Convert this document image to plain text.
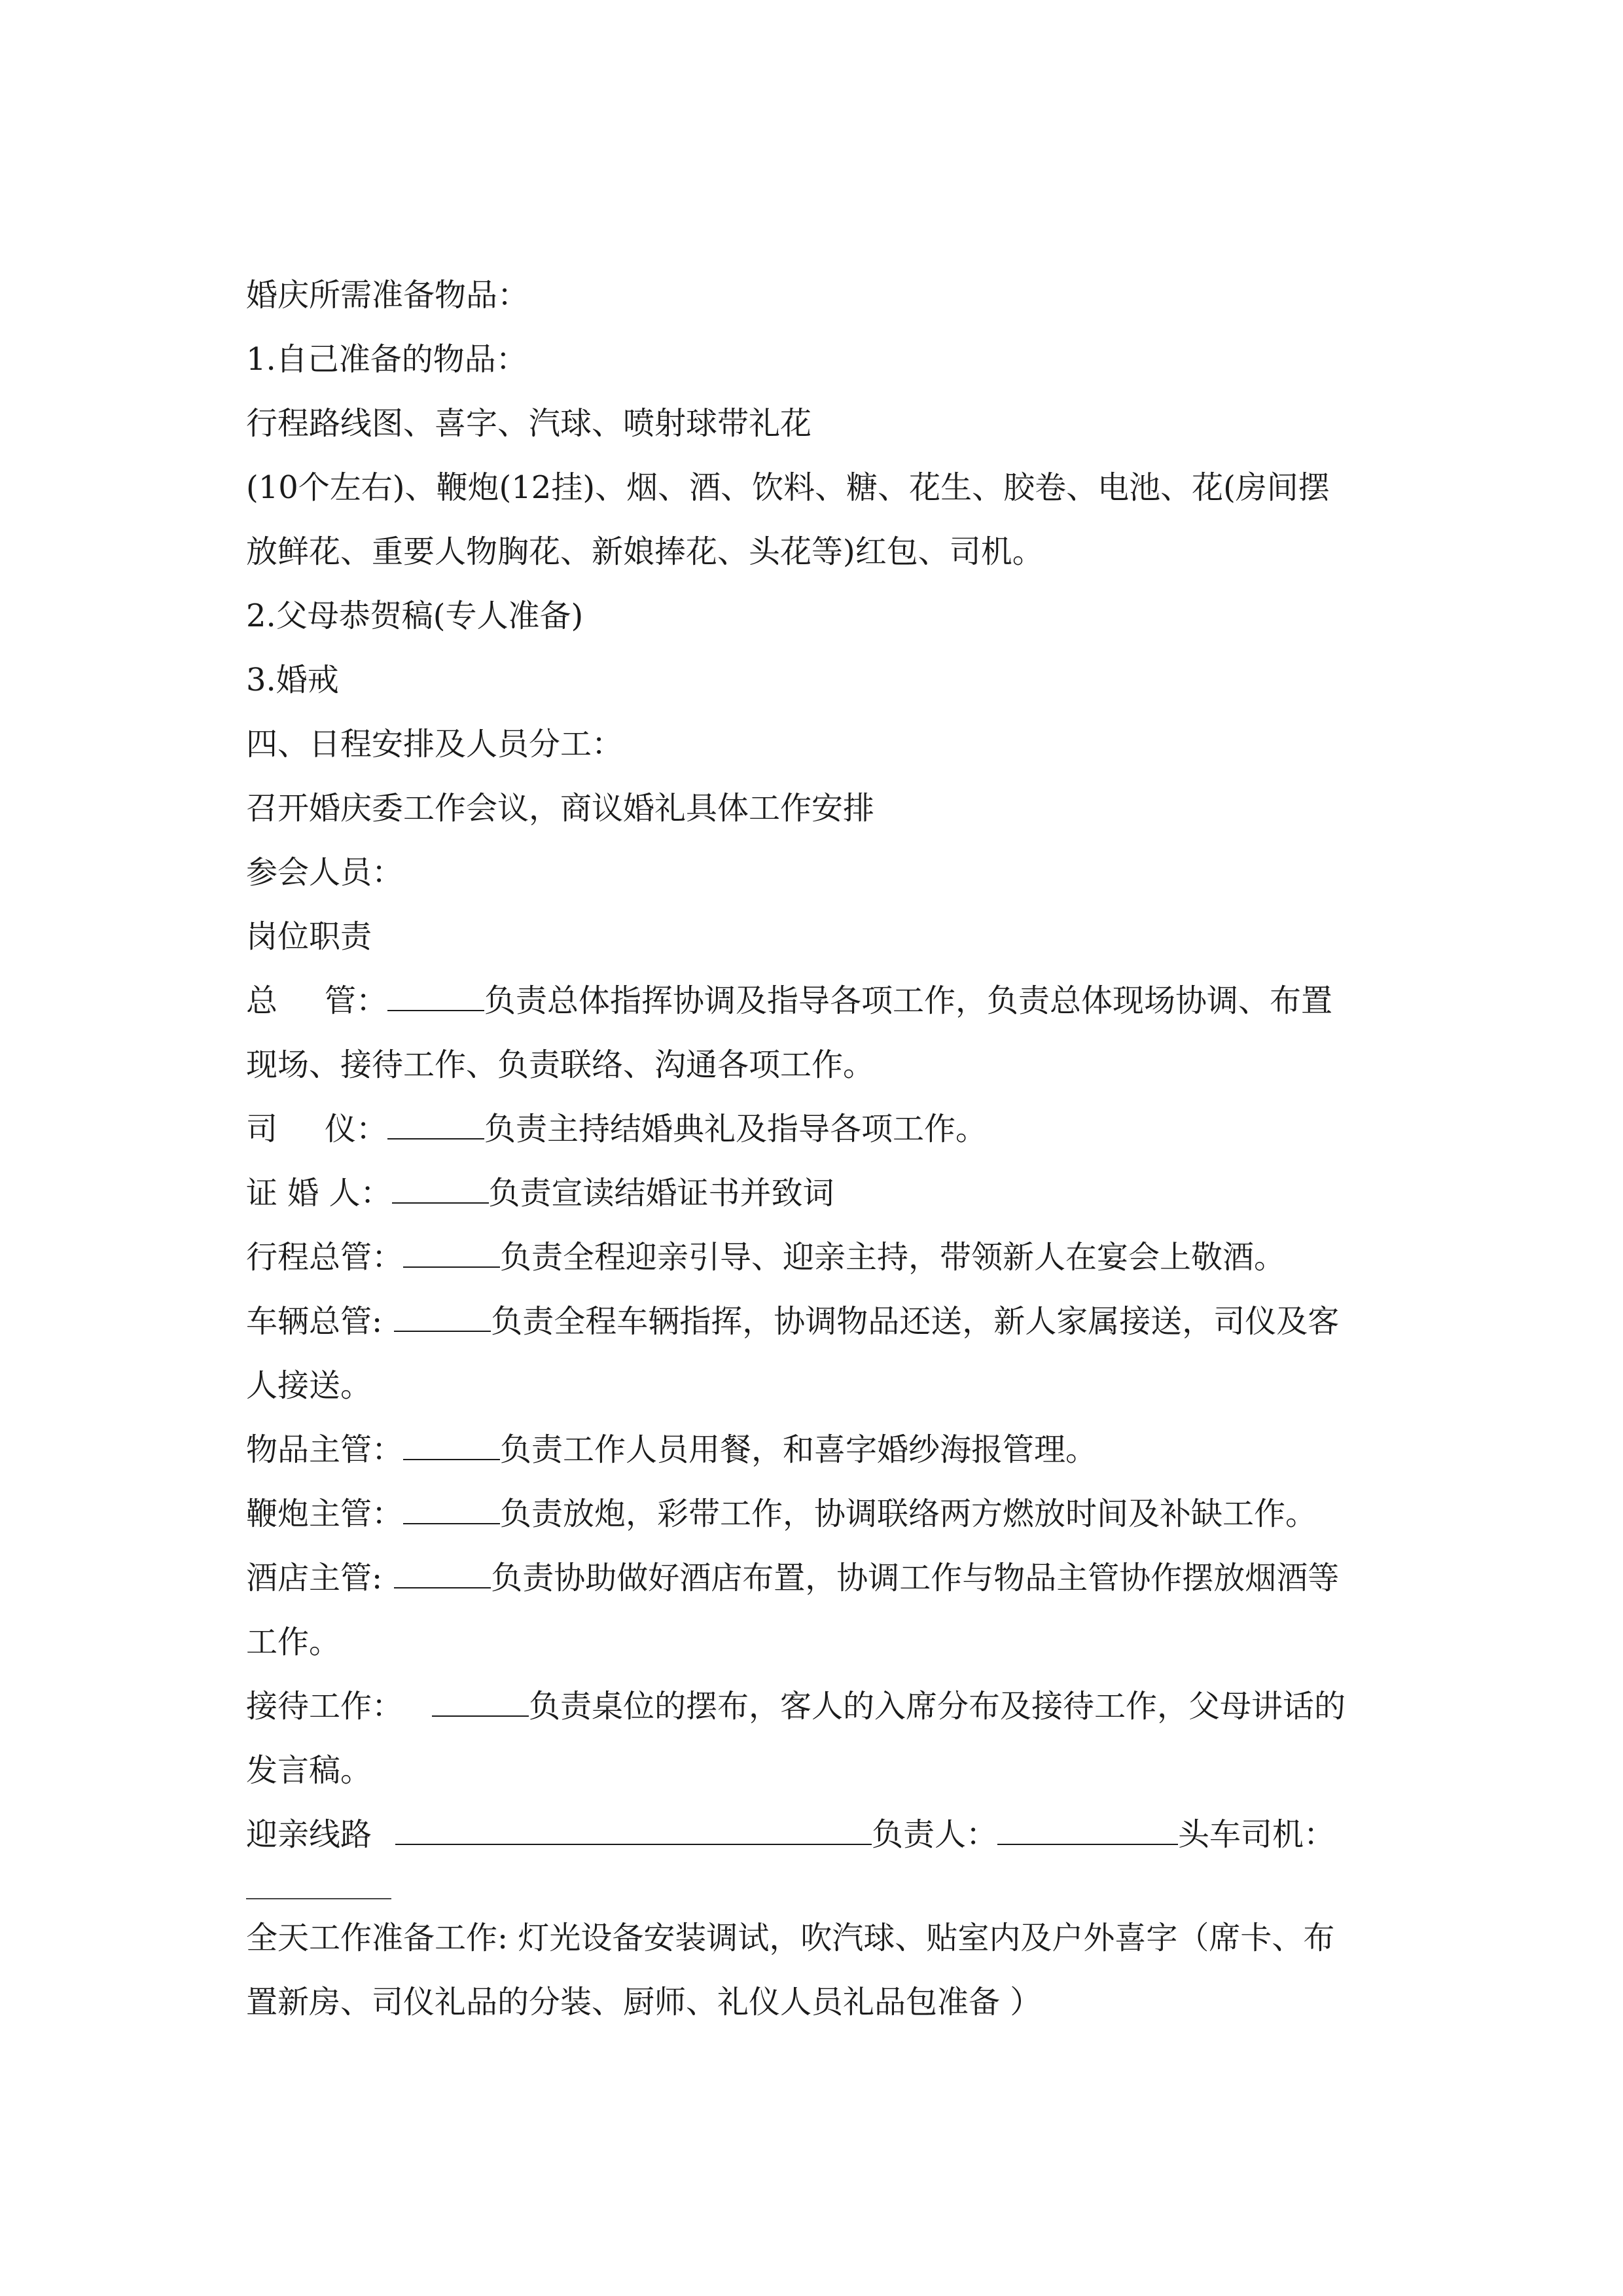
婚庆所需准备物品：

1.自己准备的物品：

行程路线图、喜字、汽球、喷射球带礼花

(10个左右)、鞭炮(12挂)、烟、酒、饮料、糖、花生、胶卷、电池、花(房间摆

放鲜花、重要人物胸花、新娘捧花、头花等)红包、司机。

2.父母恭贺稿(专人准备)

3.婚戒

四、日程安排及人员分工：

召开婚庆委工作会议，商议婚礼具体工作安排

参会人员：

岗位职责

总 管：	负责总体指挥协调及指导各项工作，负责总体现场协调、布置

现场、接待工作、负责联络、沟通各项工作。

司 仪：	负责主持结婚典礼及指导各项工作。

证 婚 人：	负责宣读结婚证书并致词

行程总管：	负责全程迎亲引导、迎亲主持，带领新人在宴会上敬酒。

车辆总管:	负责全程车辆指挥，协调物品还送，新人家属接送，司仪及客

人接送。

物品主管：	负责工作人员用餐，和喜字婚纱海报管理。

鞭炮主管：	负责放炮，彩带工作，协调联络两方燃放时间及补缺工作。

酒店主管:	负责协助做好酒店布置，协调工作与物品主管协作摆放烟酒等

工作。

接待工作：	负责桌位的摆布，客人的入席分布及接待工作，父母讲话的

发言稿。

迎亲线路	负责人：	头车司机：

全天工作准备工作: 灯光设备安装调试，吹汽球、贴室内及户外喜字（席卡、布

置新房、司仪礼品的分装、厨师、礼仪人员礼品包准备 ）
